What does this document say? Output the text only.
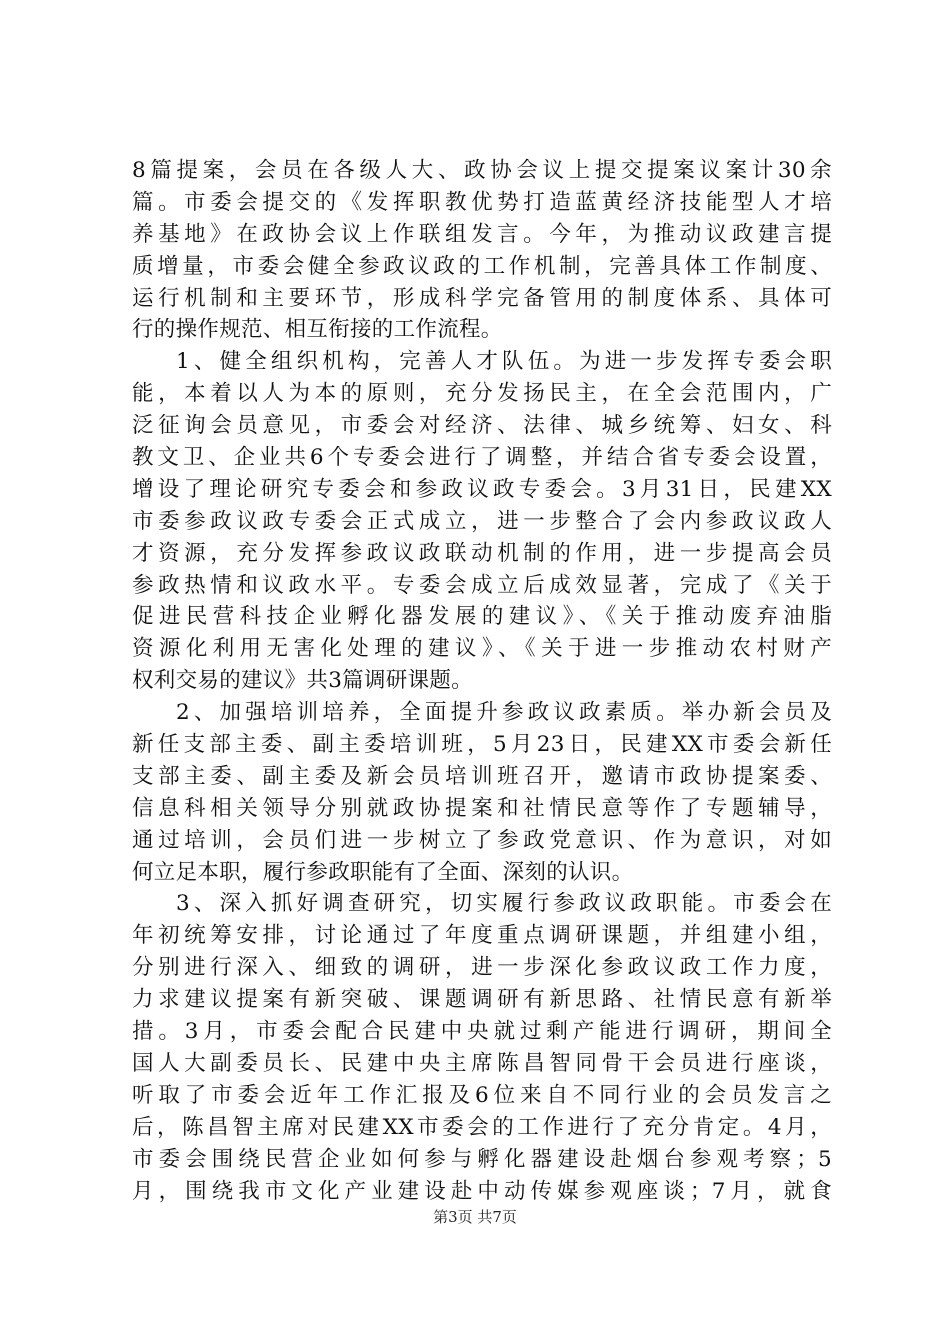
8篇提案，会员在各级人大、政协会议上提交提案议案计30余
篇。市委会提交的《发挥职教优势打造蓝黄经济技能型人才培
养基地》在政协会议上作联组发言。今年，为推动议政建言提
质增量，市委会健全参政议政的工作机制，完善具体工作制度、
运行机制和主要环节，形成科学完备管用的制度体系、具体可
行的操作规范、相互衔接的工作流程。
1、健全组织机构，完善人才队伍。为进一步发挥专委会职
能，本着以人为本的原则，充分发扬民主，在全会范围内，广
泛征询会员意见，市委会对经济、法律、城乡统筹、妇女、科
教文卫、企业共6个专委会进行了调整，并结合省专委会设置，
增设了理论研究专委会和参政议政专委会。3月31日，民建XX
市委参政议政专委会正式成立，进一步整合了会内参政议政人
才资源，充分发挥参政议政联动机制的作用，进一步提高会员
参政热情和议政水平。专委会成立后成效显著，完成了《关于
促进民营科技企业孵化器发展的建议》、《关于推动废弃油脂
资源化利用无害化处理的建议》、《关于进一步推动农村财产
权利交易的建议》共3篇调研课题。
2、加强培训培养，全面提升参政议政素质。举办新会员及
新任支部主委、副主委培训班，5月23日，民建XX市委会新任
支部主委、副主委及新会员培训班召开，邀请市政协提案委、
信息科相关领导分别就政协提案和社情民意等作了专题辅导，
通过培训，会员们进一步树立了参政党意识、作为意识，对如
何立足本职，履行参政职能有了全面、深刻的认识。
3、深入抓好调查研究，切实履行参政议政职能。市委会在
年初统筹安排，讨论通过了年度重点调研课题，并组建小组，
分别进行深入、细致的调研，进一步深化参政议政工作力度，
力求建议提案有新突破、课题调研有新思路、社情民意有新举
措。3月，市委会配合民建中央就过剩产能进行调研，期间全
国人大副委员长、民建中央主席陈昌智同骨干会员进行座谈，
听取了市委会近年工作汇报及6位来自不同行业的会员发言之
后，陈昌智主席对民建XX市委会的工作进行了充分肯定。4月，
市委会围绕民营企业如何参与孵化器建设赴烟台参观考察；5
月，围绕我市文化产业建设赴中动传媒参观座谈；7月，就食
第3页 共7页
